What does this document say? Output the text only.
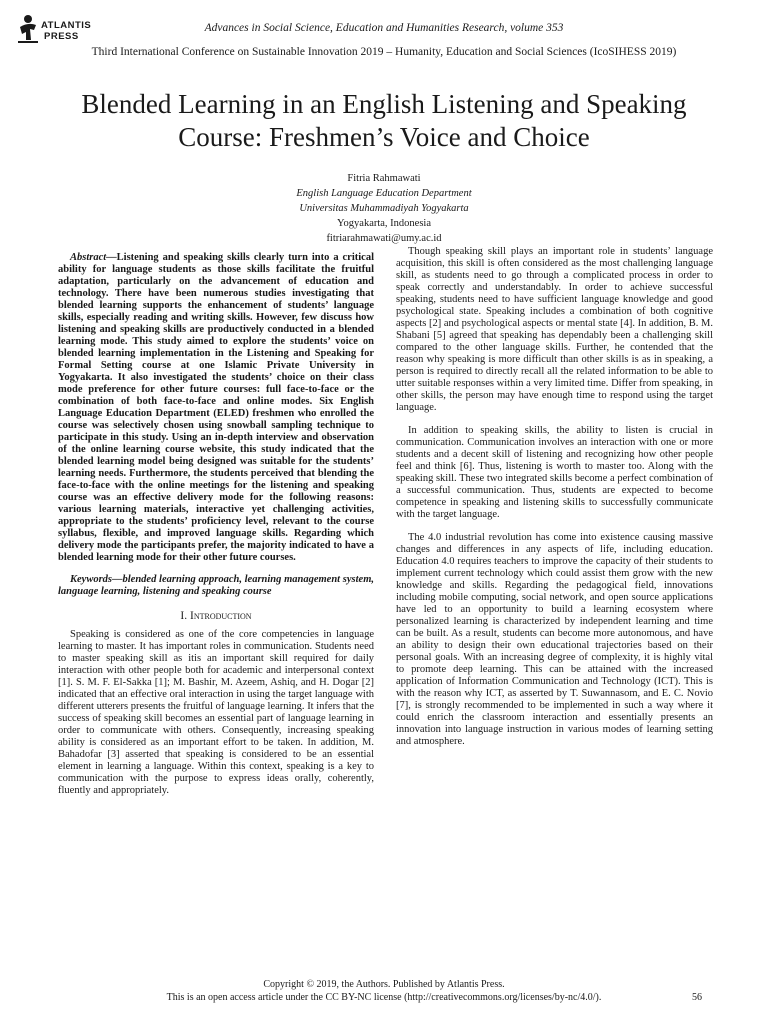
ATLANTIS
PRESS
Advances in Social Science, Education and Humanities Research, volume 353
Third International Conference on Sustainable Innovation 2019 – Humanity, Education and Social Sciences (IcoSIHESS 2019)
Blended Learning in an English Listening and Speaking Course: Freshmen’s Voice and Choice
Fitria Rahmawati
English Language Education Department
Universitas Muhammadiyah Yogyakarta
Yogyakarta, Indonesia
fitriarahmawati@umy.ac.id

Abstract—Listening and speaking skills clearly turn into a critical ability for language students as those skills facilitate the fruitful adaptation, particularly on the advancement of education and technology. There have been numerous studies investigating that blended learning supports the enhancement of students’ language skills, especially reading and writing skills. However, few discuss how listening and speaking skills are productively conducted in a blended learning mode. This study aimed to explore the students’ voice on blended learning implementation in the Listening and Speaking for Formal Setting course at one Islamic Private University in Yogyakarta. It also investigated the students’ choice on their class mode preference for other future courses: full face-to-face or the combination of both face-to-face and online modes. Six English Language Education Department (ELED) freshmen who enrolled the course was selectively chosen using snowball sampling technique to participate in this study. Using an in-depth interview and observation of the online learning course website, this study indicated that the blended learning model being designed was suitable for the students’ learning needs. Furthermore, the students perceived that blending the face-to-face with the online meetings for the listening and speaking course was an effective delivery mode for the following reasons: various learning materials, interactive yet challenging activities, appropriate to the students’ proficiency level, relevant to the course syllabus, flexible, and improved language skills. Regarding which delivery mode the participants prefer, the majority indicated to have a blended learning mode for their other future courses.

Keywords—blended learning approach, learning management system, language learning, listening and speaking course

I. Introduction

Speaking is considered as one of the core competencies in language learning to master. It has important roles in communication. Students need to master speaking skill as itis an important skill required for daily interaction with other people both for academic and interpersonal context [1]. S. M. F. El-Sakka [1]; M. Bashir, M. Azeem, Ashiq, and H. Dogar [2] indicated that an effective oral interaction in using the target language with different utterers presents the fruitful of language learning. It infers that the success of speaking skill becomes an essential part of language learning in order to communicate with others. Consequently, increasing speaking ability is considered as an important effort to be taken. In addition, M. Bahadofar [3] asserted that speaking is considered to be an essential element in learning a language. Within this context, speaking is a key to communication with the purpose to express ideas orally, coherently, fluently and appropriately.

Though speaking skill plays an important role in students’ language acquisition, this skill is often considered as the most challenging language skill, as students need to go through a complicated process in order to speak correctly and understandably. In order to achieve successful speaking, students need to have sufficient language knowledge and good psychological state. Speaking includes a combination of both cognitive aspects [2] and psychological aspects or mental state [4]. In addition, B. M. Shabani [5] agreed that speaking has dependably been a challenging skill compared to the other language skills. Further, he contended that the reason why speaking is more difficult than other skills is as in speaking, a person is required to directly recall all the related information to be able to utter suitable responses within a very limited time. Differ from speaking, in other skills, the person may have enough time to respond using the target language.

In addition to speaking skills, the ability to listen is crucial in communication. Communication involves an interaction with one or more students and a decent skill of listening and recognizing how other people feel and think [6]. Thus, listening is worth to master too. Along with the speaking skill. These two integrated skills become a perfect combination of a successful communication. Thus, students are expected to become competence in speaking and listening skills to successfully communicate with the target language.

The 4.0 industrial revolution has come into existence causing massive changes and differences in any aspects of life, including education. Education 4.0 requires teachers to improve the capacity of their students to implement current technology which could assist them grow with the new knowledge and skills. Regarding the pedagogical field, innovations including mobile computing, social network, and open source applications have led to an opportunity to build a learning ecosystem where personalized learning is characterized by independent learning and time can be built. As a result, students can become more autonomous, and have an ability to design their own educational trajectories based on their personal goals. With an increasing degree of complexity, it is highly vital to promote deep learning. This can be attained with the increased application of Information Communication and Technology (ICT). This is with the reason why ICT, as asserted by T. Suwannasom, and E. C. Novio [7], is strongly recommended to be implemented in such a way where it could enrich the classroom interaction and essentially presents an innovation into language instruction in various modes of learning setting and atmosphere.

Copyright © 2019, the Authors. Published by Atlantis Press.
This is an open access article under the CC BY-NC license (http://creativecommons.org/licenses/by-nc/4.0/).	56
